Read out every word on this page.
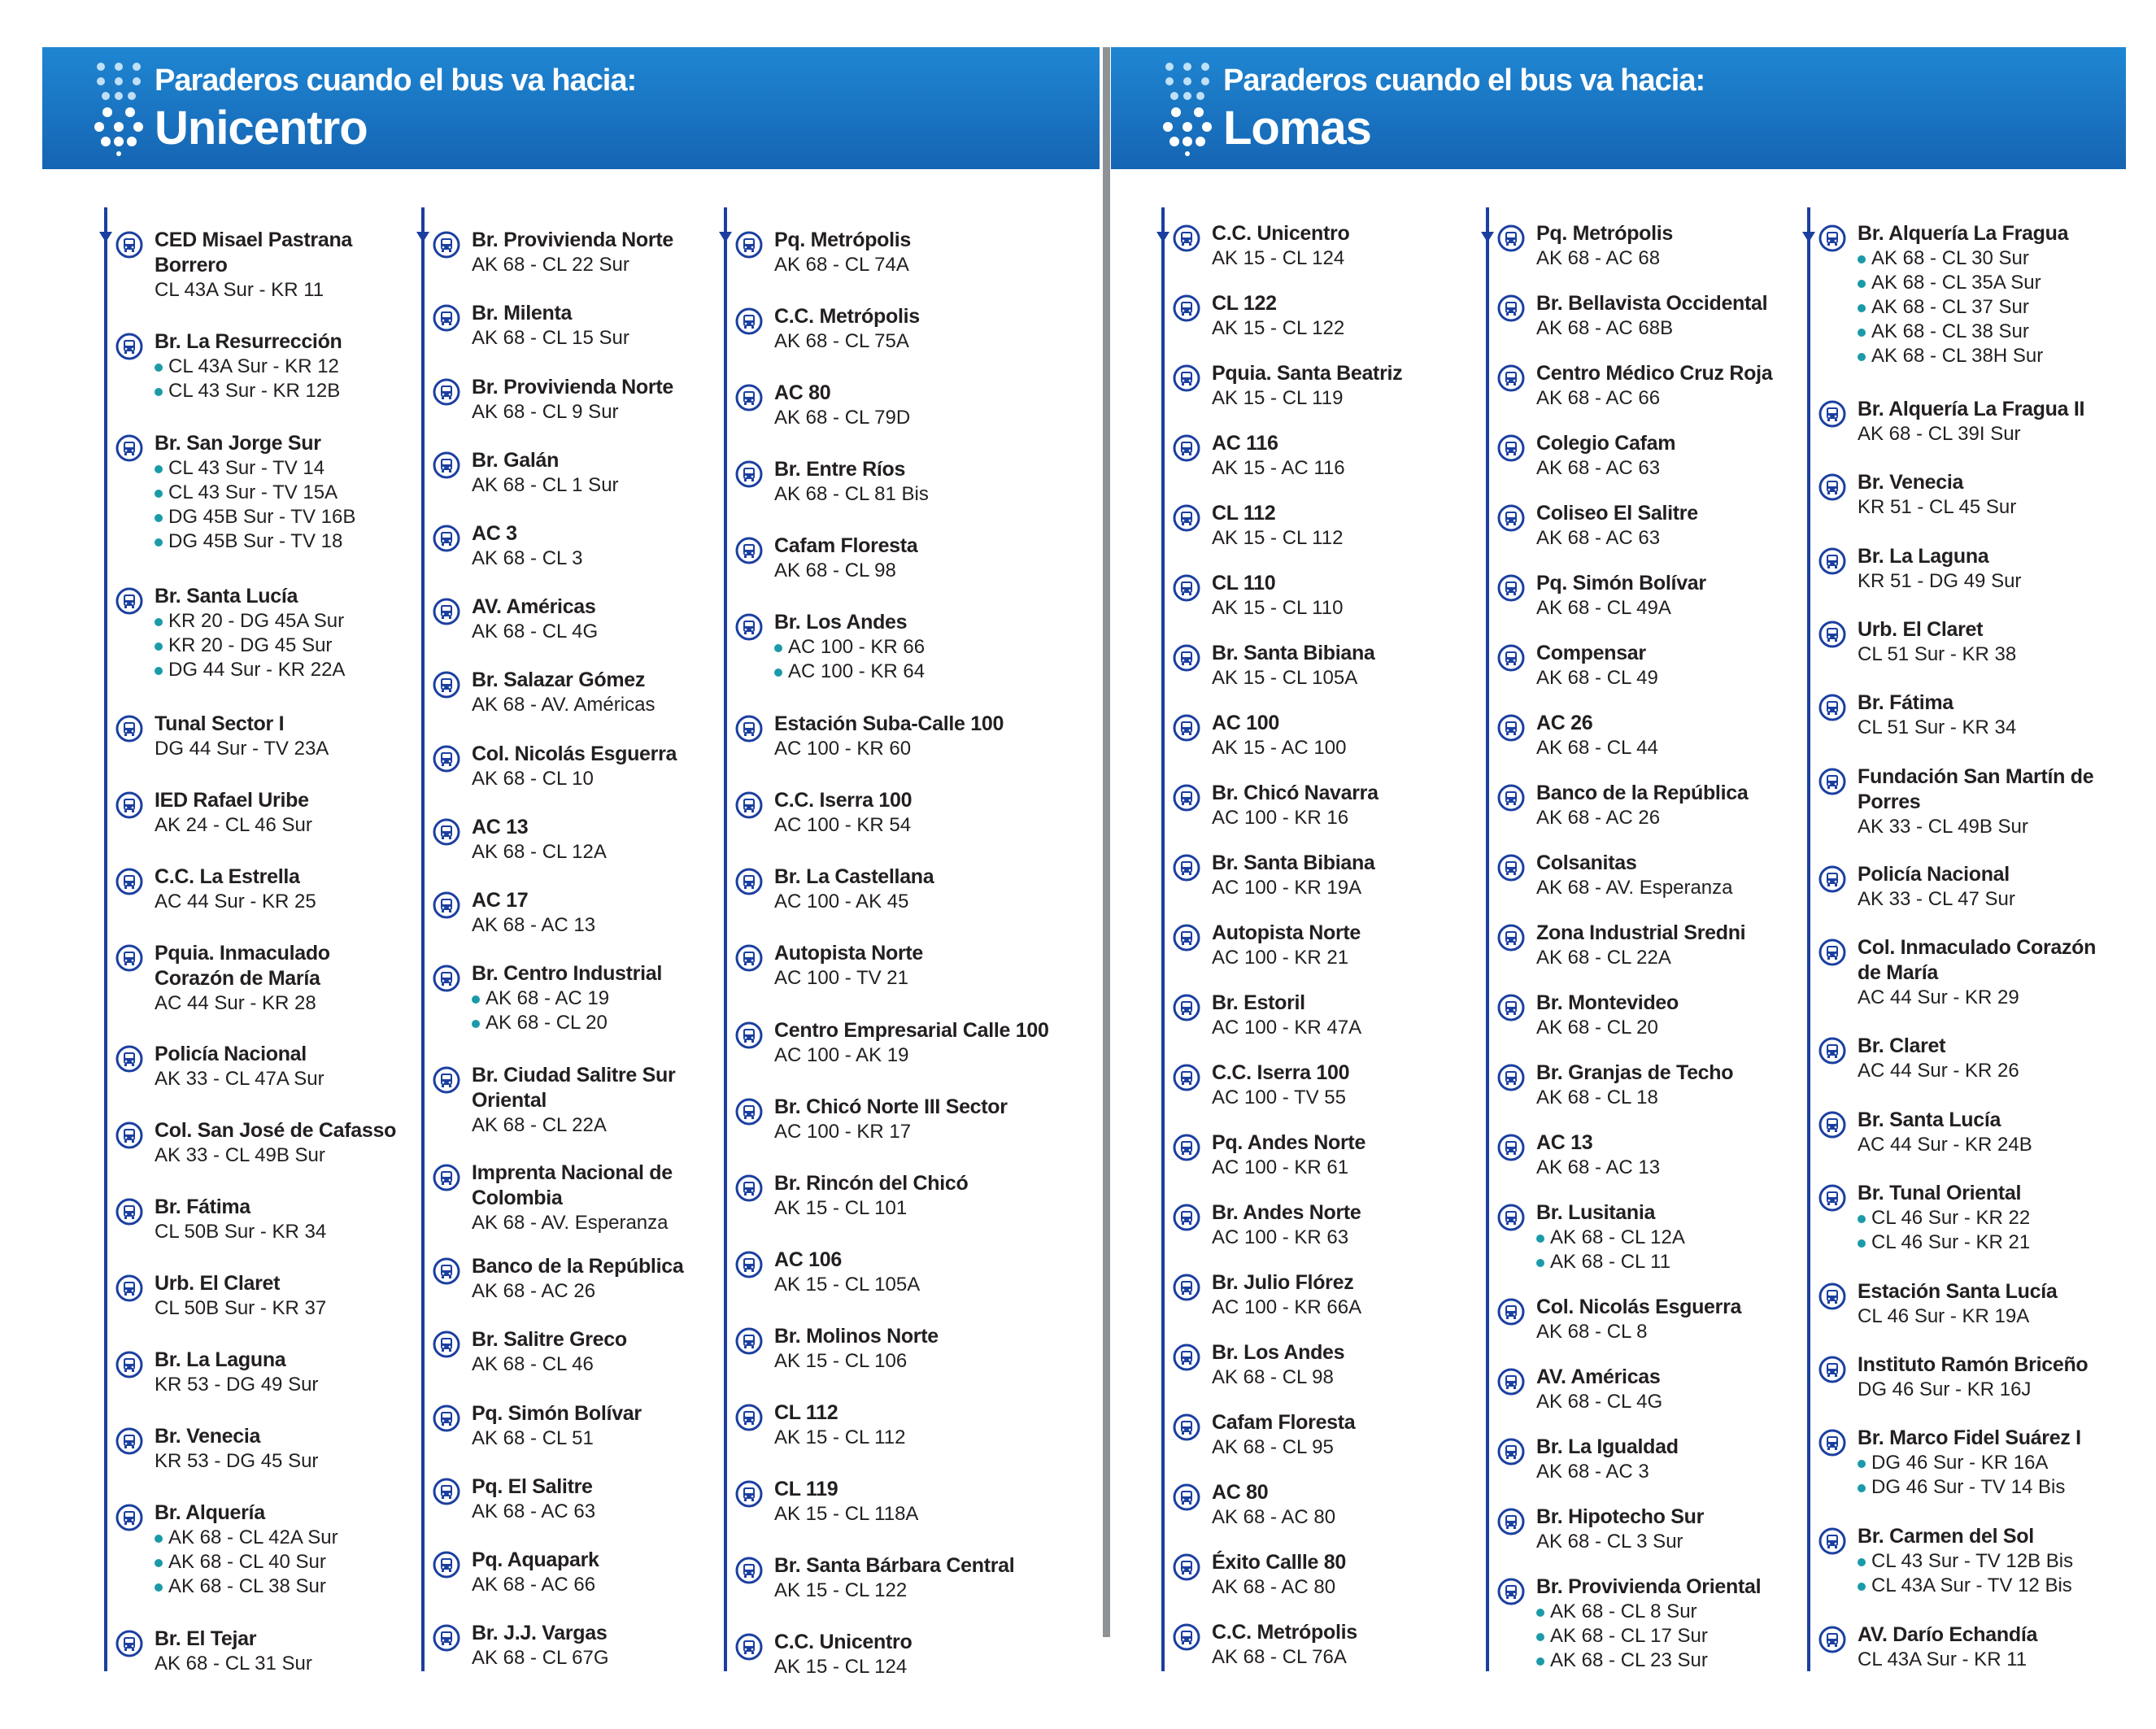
Paraderos cuando el bus va hacia:
Unicentro
Paraderos cuando el bus va hacia:
Lomas
CED Misael Pastrana Borrero
CL 43A Sur - KR 11
Br. La Resurrección
CL 43A Sur - KR 12
CL 43 Sur - KR 12B
Br. San Jorge Sur
CL 43 Sur - TV 14
CL 43 Sur - TV 15A
DG 45B Sur - TV 16B
DG 45B Sur - TV 18
Br. Santa Lucía
KR 20 - DG 45A Sur
KR 20 - DG 45 Sur
DG 44 Sur - KR 22A
Tunal Sector I
DG 44 Sur - TV 23A
IED Rafael Uribe
AK 24 - CL 46 Sur
C.C. La Estrella
AC 44 Sur - KR 25
Pquia. Inmaculado Corazón de María
AC 44 Sur - KR 28
Policía Nacional
AK 33 - CL 47A Sur
Col. San José de Cafasso
AK 33 - CL 49B Sur
Br. Fátima
CL 50B Sur - KR 34
Urb. El Claret
CL 50B Sur - KR 37
Br. La Laguna
KR 53 - DG 49 Sur
Br. Venecia
KR 53 - DG 45 Sur
Br. Alquería
AK 68 - CL 42A Sur
AK 68 - CL 40 Sur
AK 68 - CL 38 Sur
Br. El Tejar
AK 68 - CL 31 Sur
Br. Provivienda Norte
AK 68 - CL 22 Sur
Br. Milenta
AK 68 - CL 15 Sur
Br. Provivienda Norte
AK 68 - CL 9 Sur
Br. Galán
AK 68 - CL 1 Sur
AC 3
AK 68 - CL 3
AV. Américas
AK 68 - CL 4G
Br. Salazar Gómez
AK 68 - AV. Américas
Col. Nicolás Esguerra
AK 68 - CL 10
AC 13
AK 68 - CL 12A
AC 17
AK 68 - AC 13
Br. Centro Industrial
AK 68 - AC 19
AK 68 - CL 20
Br. Ciudad Salitre Sur Oriental
AK 68 - CL 22A
Imprenta Nacional de Colombia
AK 68 - AV. Esperanza
Banco de la República
AK 68 - AC 26
Br. Salitre Greco
AK 68 - CL 46
Pq. Simón Bolívar
AK 68 - CL 51
Pq. El Salitre
AK 68 - AC 63
Pq. Aquapark
AK 68 - AC 66
Br. J.J. Vargas
AK 68 - CL 67G
Pq. Metrópolis
AK 68 - CL 74A
C.C. Metrópolis
AK 68 - CL 75A
AC 80
AK 68 - CL 79D
Br. Entre Ríos
AK 68 - CL 81 Bis
Cafam Floresta
AK 68 - CL 98
Br. Los Andes
AC 100 - KR 66
AC 100 - KR 64
Estación Suba-Calle 100
AC 100 - KR 60
C.C. Iserra 100
AC 100 - KR 54
Br. La Castellana
AC 100 - AK 45
Autopista Norte
AC 100 - TV 21
Centro Empresarial Calle 100
AC 100 - AK 19
Br. Chicó Norte III Sector
AC 100 - KR 17
Br. Rincón del Chicó
AK 15 - CL 101
AC 106
AK 15 - CL 105A
Br. Molinos Norte
AK 15 - CL 106
CL 112
AK 15 - CL 112
CL 119
AK 15 - CL 118A
Br. Santa Bárbara Central
AK 15 - CL 122
C.C. Unicentro
AK 15 - CL 124
C.C. Unicentro
AK 15 - CL 124
CL 122
AK 15 - CL 122
Pquia. Santa Beatriz
AK 15 - CL 119
AC 116
AK 15 - AC 116
CL 112
AK 15 - CL 112
CL 110
AK 15 - CL 110
Br. Santa Bibiana
AK 15 - CL 105A
AC 100
AK 15 - AC 100
Br. Chicó Navarra
AC 100 - KR 16
Br. Santa Bibiana
AC 100 - KR 19A
Autopista Norte
AC 100 - KR 21
Br. Estoril
AC 100 - KR 47A
C.C. Iserra 100
AC 100 - TV 55
Pq. Andes Norte
AC 100 - KR 61
Br. Andes Norte
AC 100 - KR 63
Br. Julio Flórez
AC 100 - KR 66A
Br. Los Andes
AK 68 - CL 98
Cafam Floresta
AK 68 - CL 95
AC 80
AK 68 - AC 80
Éxito Callle 80
AK 68 - AC 80
C.C. Metrópolis
AK 68 - CL 76A
Pq. Metrópolis
AK 68 - AC 68
Br. Bellavista Occidental
AK 68 - AC 68B
Centro Médico Cruz Roja
AK 68 - AC 66
Colegio Cafam
AK 68 - AC 63
Coliseo El Salitre
AK 68 - AC 63
Pq. Simón Bolívar
AK 68 - CL 49A
Compensar
AK 68 - CL 49
AC 26
AK 68 - CL 44
Banco de la República
AK 68 - AC 26
Colsanitas
AK 68 - AV. Esperanza
Zona Industrial Sredni
AK 68 - CL 22A
Br. Montevideo
AK 68 - CL 20
Br. Granjas de Techo
AK 68 - CL 18
AC 13
AK 68 - AC 13
Br. Lusitania
AK 68 - CL 12A
AK 68 - CL 11
Col. Nicolás Esguerra
AK 68 - CL 8
AV. Américas
AK 68 - CL 4G
Br. La Igualdad
AK 68 - AC 3
Br. Hipotecho Sur
AK 68 - CL 3 Sur
Br. Provivienda Oriental
AK 68 - CL 8 Sur
AK 68 - CL 17 Sur
AK 68 - CL 23 Sur
Br. Alquería La Fragua
AK 68 - CL 30 Sur
AK 68 - CL 35A Sur
AK 68 - CL 37 Sur
AK 68 - CL 38 Sur
AK 68 - CL 38H Sur
Br. Alquería La Fragua II
AK 68 - CL 39I Sur
Br. Venecia
KR 51 - CL 45 Sur
Br. La Laguna
KR 51 - DG 49 Sur
Urb. El Claret
CL 51 Sur - KR 38
Br. Fátima
CL 51 Sur - KR 34
Fundación San Martín de Porres
AK 33 - CL 49B Sur
Policía Nacional
AK 33 - CL 47 Sur
Col. Inmaculado Corazón de María
AC 44 Sur - KR 29
Br. Claret
AC 44 Sur - KR 26
Br. Santa Lucía
AC 44 Sur - KR 24B
Br. Tunal Oriental
CL 46 Sur - KR 22
CL 46 Sur - KR 21
Estación Santa Lucía
CL 46 Sur - KR 19A
Instituto Ramón Briceño
DG 46 Sur - KR 16J
Br. Marco Fidel Suárez I
DG 46 Sur - KR 16A
DG 46 Sur - TV 14 Bis
Br. Carmen del Sol
CL 43 Sur - TV 12B Bis
CL 43A Sur - TV 12 Bis
AV. Darío Echandía
CL 43A Sur - KR 11
